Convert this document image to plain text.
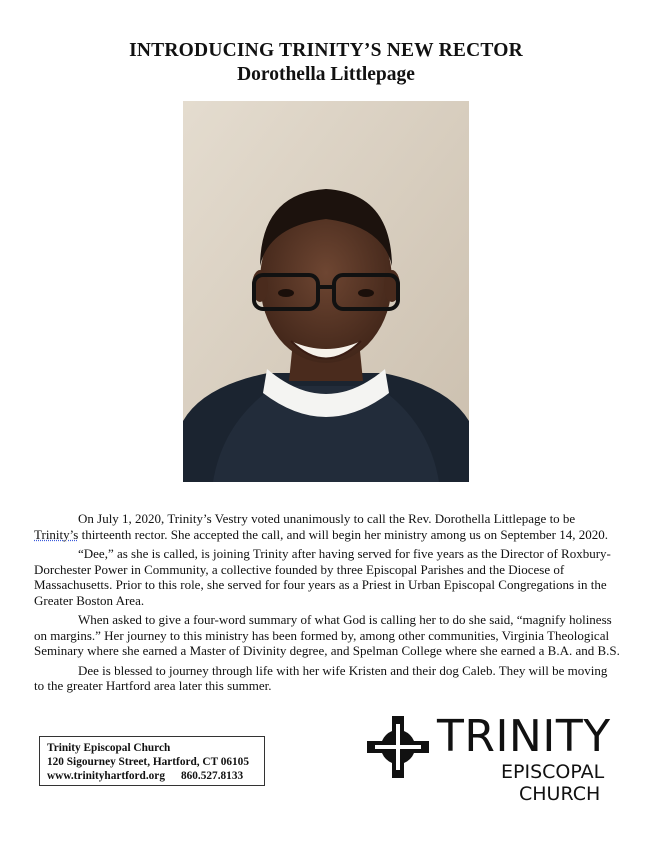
INTRODUCING TRINITY’S NEW RECTOR
Dorothella Littlepage

On July 1, 2020, Trinity’s Vestry voted unanimously to call the Rev. Dorothella Littlepage to be Trinity’s thirteenth rector. She accepted the call, and will begin her ministry among us on September 14, 2020.

“Dee,” as she is called, is joining Trinity after having served for five years as the Director of Roxbury-Dorchester Power in Community, a collective founded by three Episcopal Parishes and the Diocese of Massachusetts. Prior to this role, she served for four years as a Priest in Urban Episcopal Congregations in the Greater Boston Area.

When asked to give a four-word summary of what God is calling her to do she said, “magnify holiness on margins.” Her journey to this ministry has been formed by, among other communities, Virginia Theological Seminary where she earned a Master of Divinity degree, and Spelman College where she earned a B.A. and B.S.

Dee is blessed to journey through life with her wife Kristen and their dog Caleb. They will be moving to the greater Hartford area later this summer.

Trinity Episcopal Church
120 Sigourney Street, Hartford, CT 06105
www.trinityhartford.org 860.527.8133
TRINITY
EPISCOPAL
CHURCH
